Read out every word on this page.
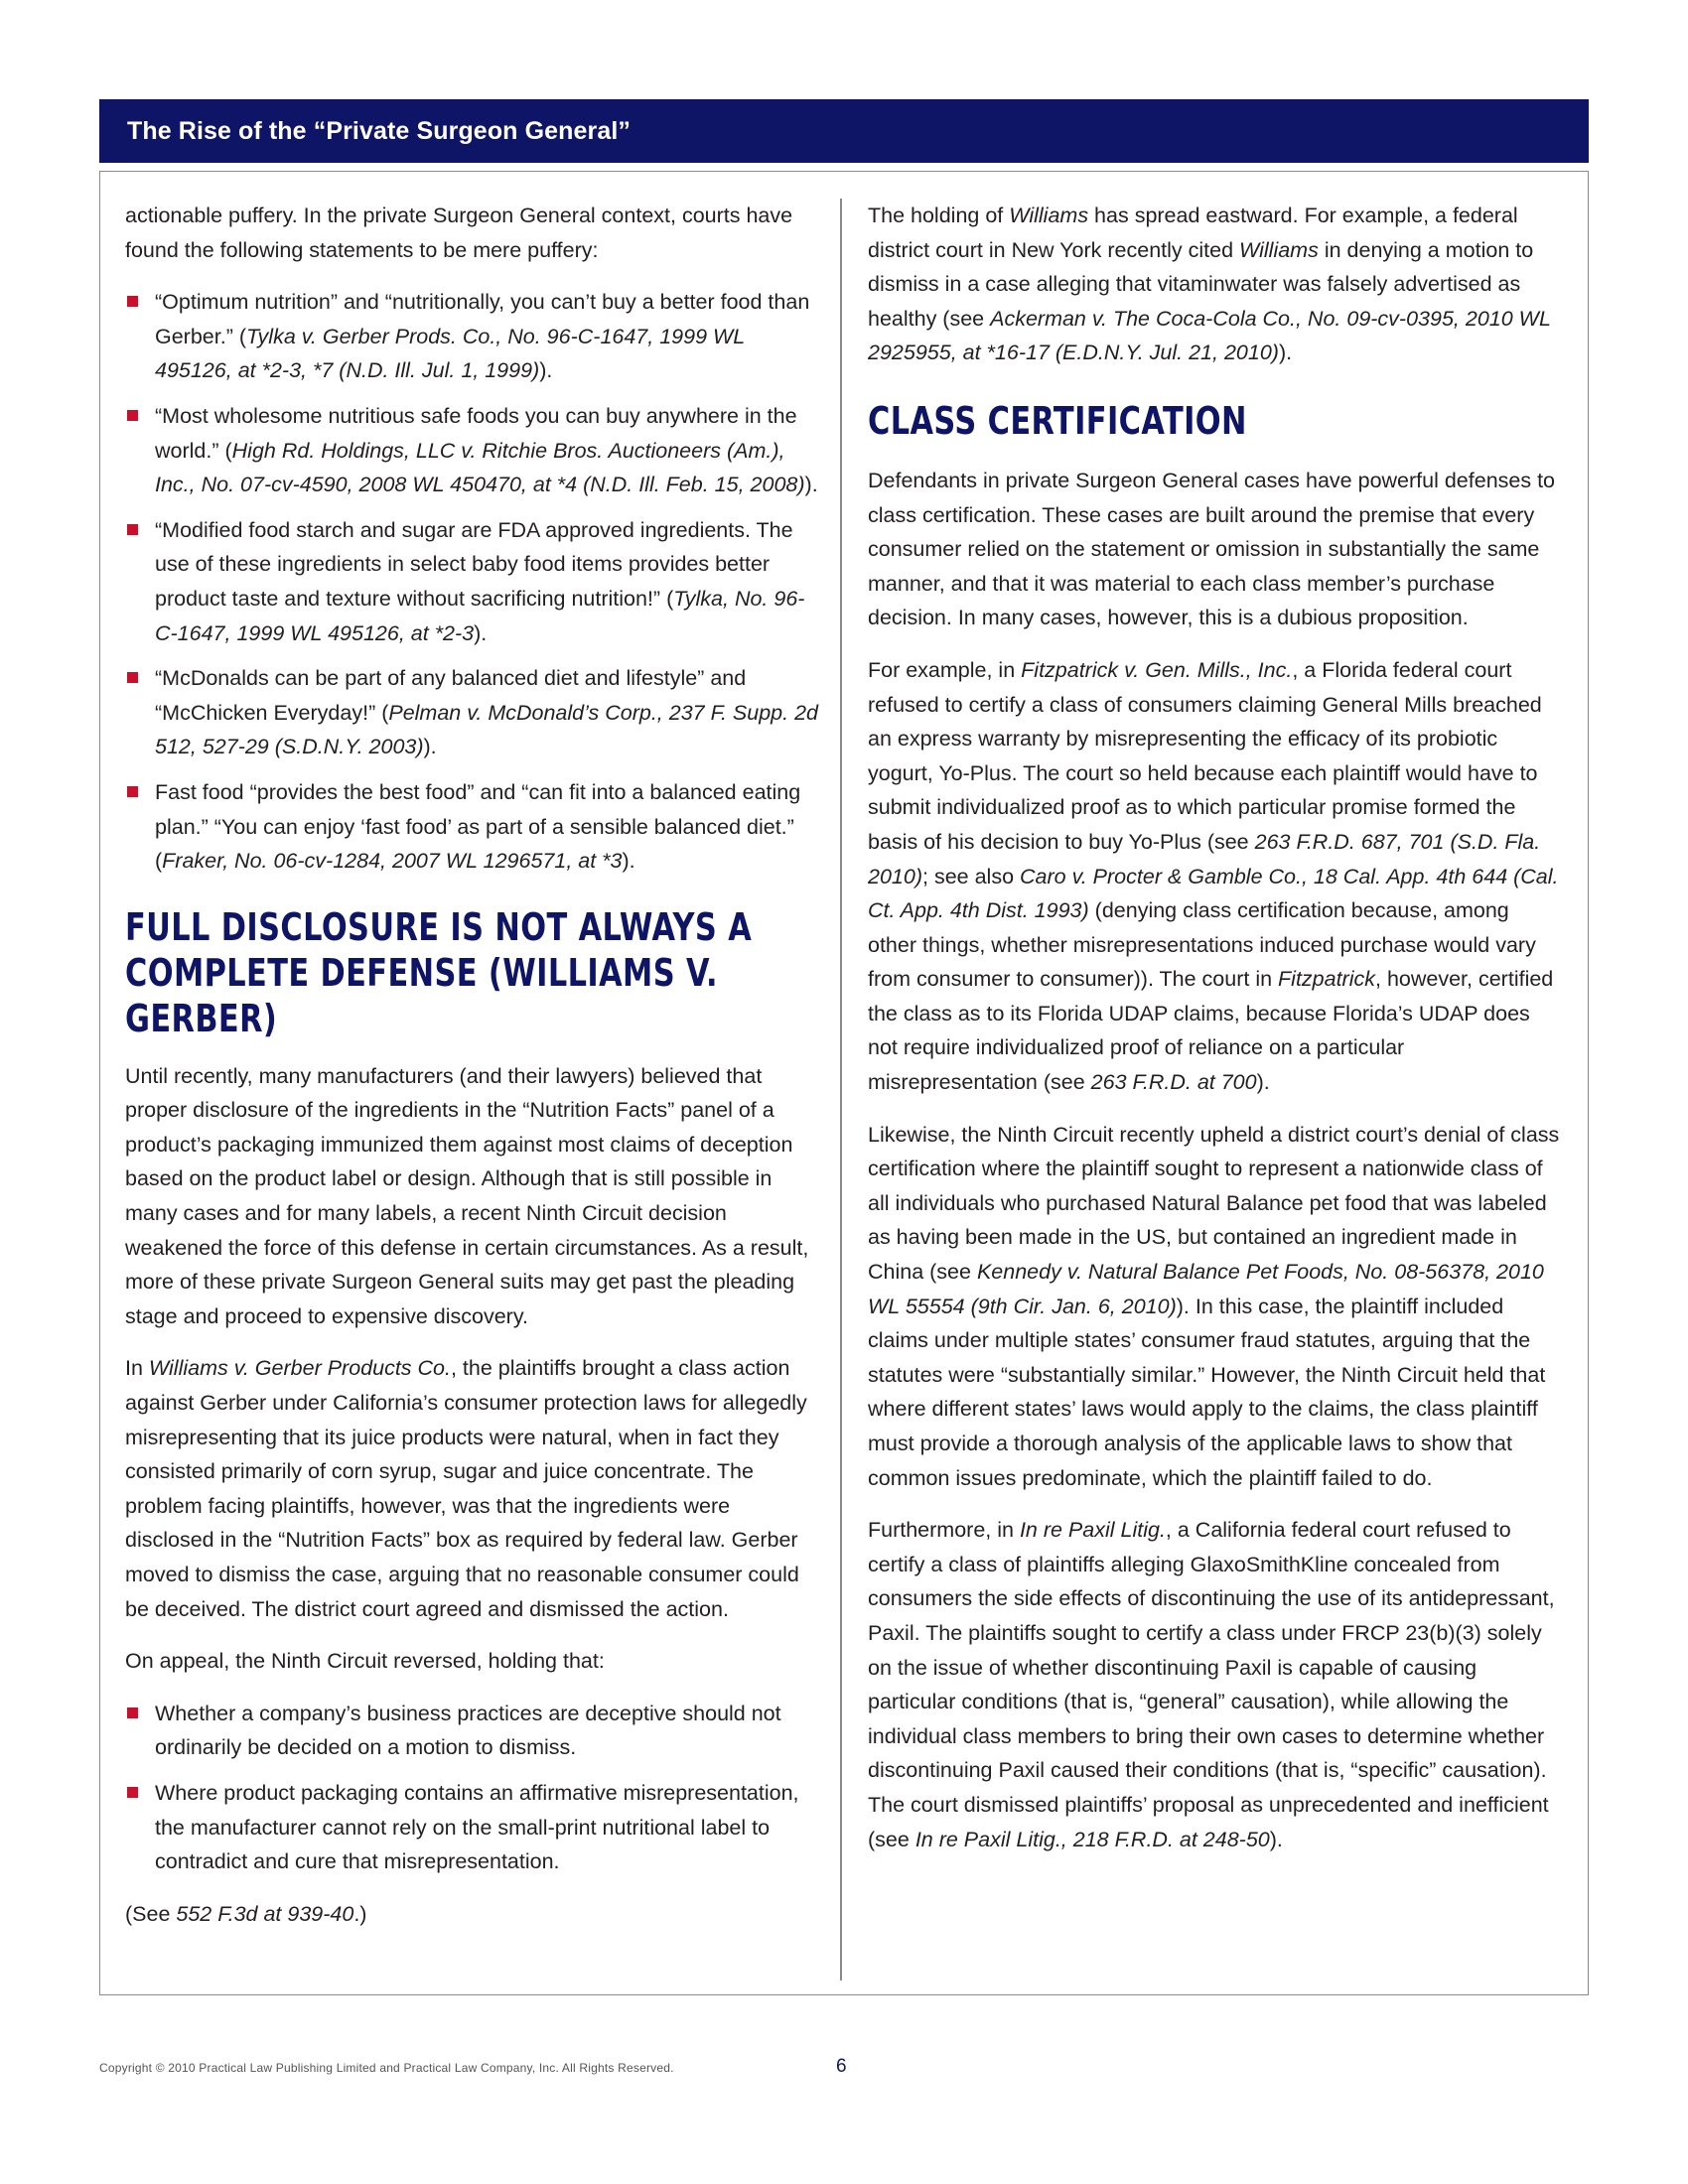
The Rise of the “Private Surgeon General”

actionable puffery. In the private Surgeon General context, courts have found the following statements to be mere puffery:

“Optimum nutrition” and “nutritionally, you can’t buy a better food than Gerber.” (Tylka v. Gerber Prods. Co., No. 96-C-1647, 1999 WL 495126, at *2-3, *7 (N.D. Ill. Jul. 1, 1999)).
“Most wholesome nutritious safe foods you can buy anywhere in the world.” (High Rd. Holdings, LLC v. Ritchie Bros. Auctioneers (Am.), Inc., No. 07-cv-4590, 2008 WL 450470, at *4 (N.D. Ill. Feb. 15, 2008)).
“Modified food starch and sugar are FDA approved ingredients. The use of these ingredients in select baby food items provides better product taste and texture without sacrificing nutrition!” (Tylka, No. 96-C-1647, 1999 WL 495126, at *2-3).
“McDonalds can be part of any balanced diet and lifestyle” and “McChicken Everyday!” (Pelman v. McDonald’s Corp., 237 F. Supp. 2d 512, 527-29 (S.D.N.Y. 2003)).
Fast food “provides the best food” and “can fit into a balanced eating plan.” “You can enjoy ‘fast food’ as part of a sensible balanced diet.” (Fraker, No. 06-cv-1284, 2007 WL 1296571, at *3).
FULL DISCLOSURE IS NOT ALWAYS A COMPLETE DEFENSE (WILLIAMS V. GERBER)

Until recently, many manufacturers (and their lawyers) believed that proper disclosure of the ingredients in the “Nutrition Facts” panel of a product’s packaging immunized them against most claims of deception based on the product label or design. Although that is still possible in many cases and for many labels, a recent Ninth Circuit decision weakened the force of this defense in certain circumstances. As a result, more of these private Surgeon General suits may get past the pleading stage and proceed to expensive discovery.

In Williams v. Gerber Products Co., the plaintiffs brought a class action against Gerber under California’s consumer protection laws for allegedly misrepresenting that its juice products were natural, when in fact they consisted primarily of corn syrup, sugar and juice concentrate. The problem facing plaintiffs, however, was that the ingredients were disclosed in the “Nutrition Facts” box as required by federal law. Gerber moved to dismiss the case, arguing that no reasonable consumer could be deceived. The district court agreed and dismissed the action.

On appeal, the Ninth Circuit reversed, holding that:

Whether a company’s business practices are deceptive should not ordinarily be decided on a motion to dismiss.
Where product packaging contains an affirmative misrepresentation, the manufacturer cannot rely on the small-print nutritional label to contradict and cure that misrepresentation.

(See 552 F.3d at 939-40.)

The holding of Williams has spread eastward. For example, a federal district court in New York recently cited Williams in denying a motion to dismiss in a case alleging that vitaminwater was falsely advertised as healthy (see Ackerman v. The Coca-Cola Co., No. 09-cv-0395, 2010 WL 2925955, at *16-17 (E.D.N.Y. Jul. 21, 2010)).

CLASS CERTIFICATION

Defendants in private Surgeon General cases have powerful defenses to class certification. These cases are built around the premise that every consumer relied on the statement or omission in substantially the same manner, and that it was material to each class member’s purchase decision. In many cases, however, this is a dubious proposition.

For example, in Fitzpatrick v. Gen. Mills., Inc., a Florida federal court refused to certify a class of consumers claiming General Mills breached an express warranty by misrepresenting the efficacy of its probiotic yogurt, Yo-Plus. The court so held because each plaintiff would have to submit individualized proof as to which particular promise formed the basis of his decision to buy Yo-Plus (see 263 F.R.D. 687, 701 (S.D. Fla. 2010); see also Caro v. Procter & Gamble Co., 18 Cal. App. 4th 644 (Cal. Ct. App. 4th Dist. 1993) (denying class certification because, among other things, whether misrepresentations induced purchase would vary from consumer to consumer)). The court in Fitzpatrick, however, certified the class as to its Florida UDAP claims, because Florida’s UDAP does not require individualized proof of reliance on a particular misrepresentation (see 263 F.R.D. at 700).

Likewise, the Ninth Circuit recently upheld a district court’s denial of class certification where the plaintiff sought to represent a nationwide class of all individuals who purchased Natural Balance pet food that was labeled as having been made in the US, but contained an ingredient made in China (see Kennedy v. Natural Balance Pet Foods, No. 08-56378, 2010 WL 55554 (9th Cir. Jan. 6, 2010)). In this case, the plaintiff included claims under multiple states’ consumer fraud statutes, arguing that the statutes were “substantially similar.” However, the Ninth Circuit held that where different states’ laws would apply to the claims, the class plaintiff must provide a thorough analysis of the applicable laws to show that common issues predominate, which the plaintiff failed to do.

Furthermore, in In re Paxil Litig., a California federal court refused to certify a class of plaintiffs alleging GlaxoSmithKline concealed from consumers the side effects of discontinuing the use of its antidepressant, Paxil. The plaintiffs sought to certify a class under FRCP 23(b)(3) solely on the issue of whether discontinuing Paxil is capable of causing particular conditions (that is, “general” causation), while allowing the individual class members to bring their own cases to determine whether discontinuing Paxil caused their conditions (that is, “specific” causation). The court dismissed plaintiffs’ proposal as unprecedented and inefficient (see In re Paxil Litig., 218 F.R.D. at 248-50).

Copyright © 2010 Practical Law Publishing Limited and Practical Law Company, Inc. All Rights Reserved.	6
